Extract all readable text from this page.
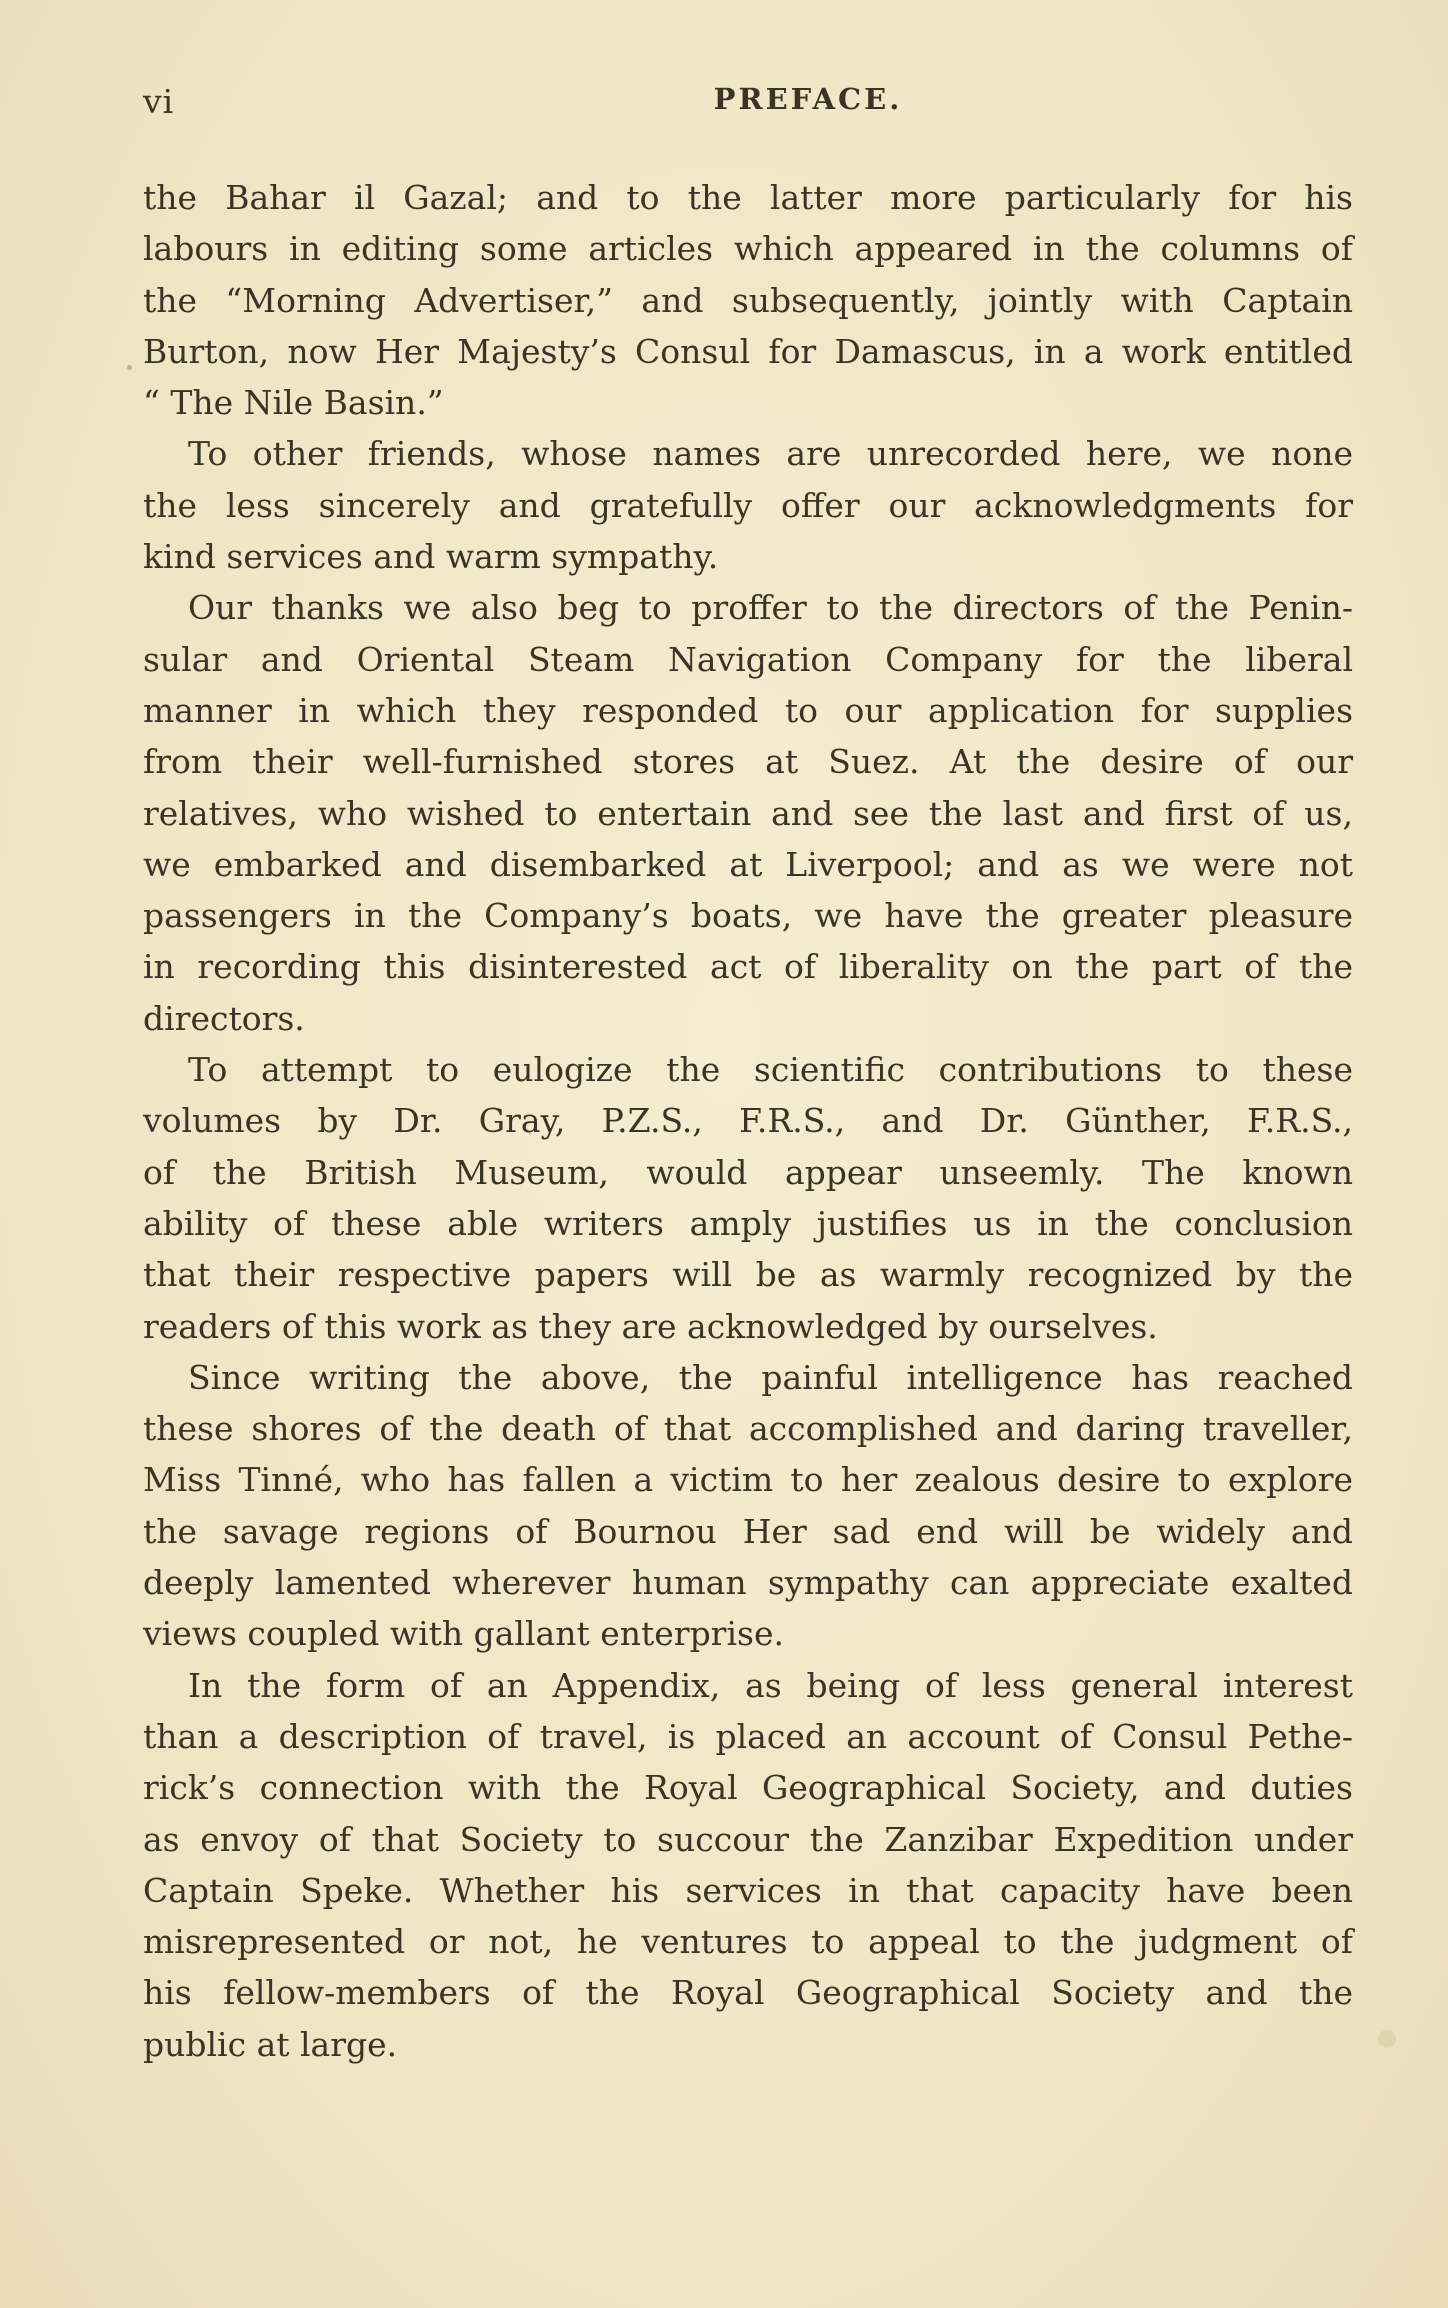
vi	PREFACE.
the Bahar il Gazal; and to the latter more particularly for his
labours in editing some articles which appeared in the columns of
the “Morning Advertiser,” and subsequently, jointly with Captain
Burton, now Her Majesty’s Consul for Damascus, in a work entitled
“ The Nile Basin.”
To other friends, whose names are unrecorded here, we none
the less sincerely and gratefully offer our acknowledgments for
kind services and warm sympathy.
Our thanks we also beg to proffer to the directors of the Penin-
sular and Oriental Steam Navigation Company for the liberal
manner in which they responded to our application for supplies
from their well-furnished stores at Suez. At the desire of our
relatives, who wished to entertain and see the last and first of us,
we embarked and disembarked at Liverpool; and as we were not
passengers in the Company’s boats, we have the greater pleasure
in recording this disinterested act of liberality on the part of the
directors.
To attempt to eulogize the scientific contributions to these
volumes by Dr. Gray, P.Z.S., F.R.S., and Dr. Günther, F.R.S.,
of the British Museum, would appear unseemly. The known
ability of these able writers amply justifies us in the conclusion
that their respective papers will be as warmly recognized by the
readers of this work as they are acknowledged by ourselves.
Since writing the above, the painful intelligence has reached
these shores of the death of that accomplished and daring traveller,
Miss Tinné, who has fallen a victim to her zealous desire to explore
the savage regions of Bournou Her sad end will be widely and
deeply lamented wherever human sympathy can appreciate exalted
views coupled with gallant enterprise.
In the form of an Appendix, as being of less general interest
than a description of travel, is placed an account of Consul Pethe-
rick’s connection with the Royal Geographical Society, and duties
as envoy of that Society to succour the Zanzibar Expedition under
Captain Speke. Whether his services in that capacity have been
misrepresented or not, he ventures to appeal to the judgment of
his fellow-members of the Royal Geographical Society and the
public at large.
